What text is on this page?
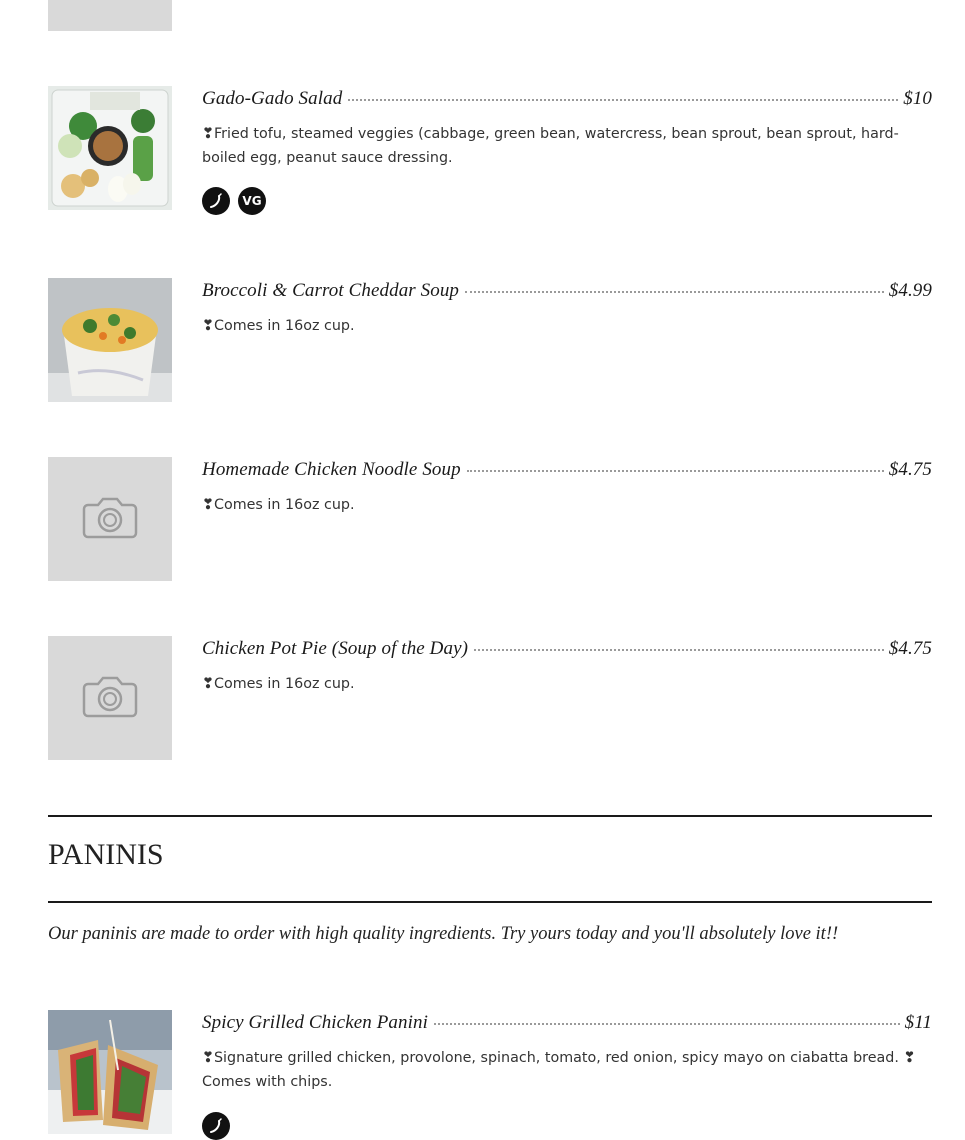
Gado-Gado Salad	$10
❣Fried tofu, steamed veggies (cabbage, green bean, watercress, bean sprout, bean sprout, hard-boiled egg, peanut sauce dressing.
VG
Broccoli & Carrot Cheddar Soup	$4.99
❣Comes in 16oz cup.
Homemade Chicken Noodle Soup	$4.75
❣Comes in 16oz cup.
Chicken Pot Pie (Soup of the Day)	$4.75
❣Comes in 16oz cup.
PANINIS

Our paninis are made to order with high quality ingredients. Try yours today and you'll absolutely love it!!

Spicy Grilled Chicken Panini	$11
❣Signature grilled chicken, provolone, spinach, tomato, red onion, spicy mayo on ciabatta bread. ❣Comes with chips.
